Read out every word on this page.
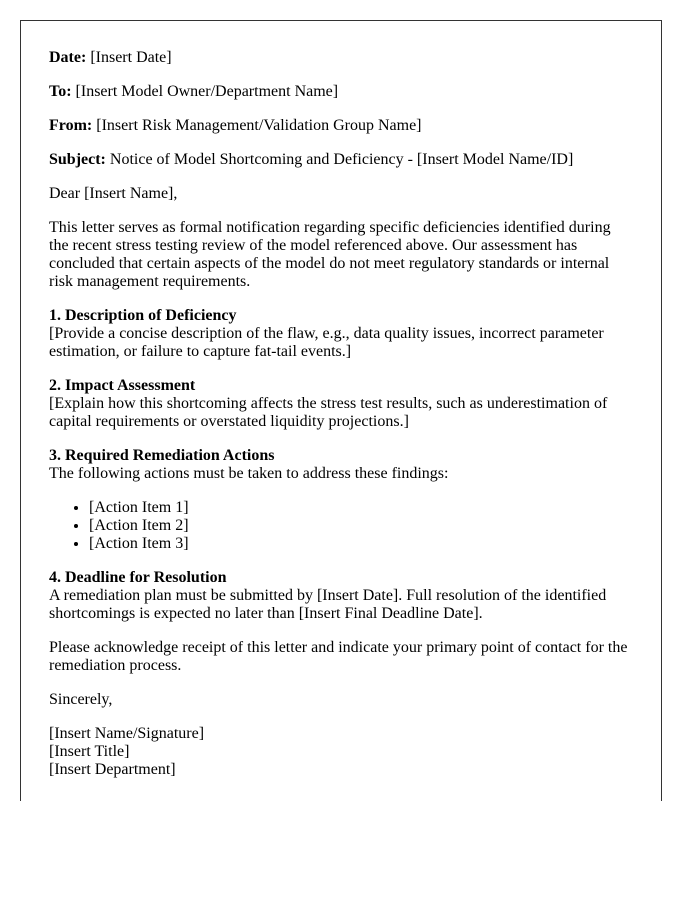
Date: [Insert Date]

To: [Insert Model Owner/Department Name]

From: [Insert Risk Management/Validation Group Name]

Subject: Notice of Model Shortcoming and Deficiency - [Insert Model Name/ID]

Dear [Insert Name],

This letter serves as formal notification regarding specific deficiencies identified during the recent stress testing review of the model referenced above. Our assessment has concluded that certain aspects of the model do not meet regulatory standards or internal risk management requirements.

1. Description of Deficiency
[Provide a concise description of the flaw, e.g., data quality issues, incorrect parameter estimation, or failure to capture fat-tail events.]
2. Impact Assessment
[Explain how this shortcoming affects the stress test results, such as underestimation of capital requirements or overstated liquidity projections.]
3. Required Remediation Actions
The following actions must be taken to address these findings:
• [Action Item 1]
• [Action Item 2]
• [Action Item 3]
4. Deadline for Resolution
A remediation plan must be submitted by [Insert Date]. Full resolution of the identified shortcomings is expected no later than [Insert Final Deadline Date].

Please acknowledge receipt of this letter and indicate your primary point of contact for the remediation process.

Sincerely,

[Insert Name/Signature]
[Insert Title]
[Insert Department]
